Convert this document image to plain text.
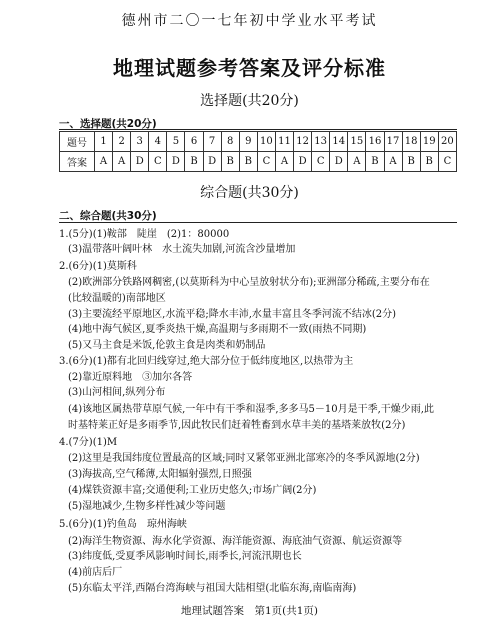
德州市二〇一七年初中学业水平考试
地理试题参考答案及评分标准
选择题(共20分)
一、选择题(共20分)
题号	1	2	3	4	5	6	7	8	9	10	11	12	13	14	15	16	17	18	19	20
答案	A	A	D	C	D	B	D	B	B	C	A	D	C	D	A	B	A	B	B	C
综合题(共30分)
二、综合题(共30分)
1.(5分)(1)鞍部　陡崖　(2)1：80000
(3)温带落叶阔叶林　水土流失加剧,河流含沙量增加
2.(6分)(1)莫斯科
(2)欧洲部分铁路网稠密,(以莫斯科为中心呈放射状分布);亚洲部分稀疏,主要分布在
(比较温暖的)南部地区
(3)主要流经平原地区,水流平稳;降水丰沛,水量丰富且冬季河流不结冰(2分)
(4)地中海气候区,夏季炎热干燥,高温期与多雨期不一致(雨热不同期)
(5)又马主食是米饭,伦敦主食是肉类和奶制品
3.(6分)(1)都有北回归线穿过,绝大部分位于低纬度地区,以热带为主
(2)靠近原料地　③加尔各答
(3)山河相间,纵列分布
(4)该地区属热带草原气候,一年中有干季和湿季,多多马5－10月是干季,干燥少雨,此
时基特莱正好是多雨季节,因此牧民们赶着牲畜到水草丰美的基塔莱放牧(2分)
4.(7分)(1)M
(2)这里是我国纬度位置最高的区域;同时又紧邻亚洲北部寒冷的冬季风源地(2分)
(3)海拔高,空气稀薄,太阳辐射强烈,日照强
(4)煤铁资源丰富;交通便利;工业历史悠久;市场广阔(2分)
(5)湿地减少,生物多样性减少等问题
5.(6分)(1)钓鱼岛　琼州海峡
(2)海洋生物资源、海水化学资源、海洋能资源、海底油气资源、航运资源等
(3)纬度低,受夏季风影响时间长,雨季长,河流汛期也长
(4)前店后厂
(5)东临太平洋,西隔台湾海峡与祖国大陆相望(北临东海,南临南海)
地理试题答案　第1页(共1页)
